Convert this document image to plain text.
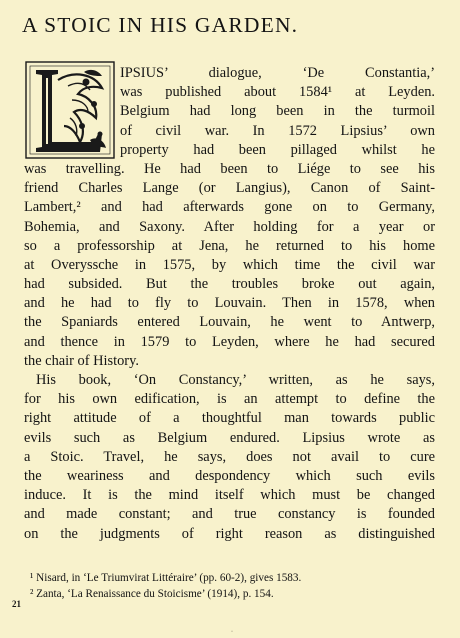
A STOIC IN HIS GARDEN.
IPSIUS’ dialogue, ‘De Constantia,’
was published about 1584¹ at Leyden.
Belgium had long been in the turmoil
of civil war. In 1572 Lipsius’ own
property had been pillaged whilst he
was travelling. He had been to Liége to see his
friend Charles Lange (or Langius), Canon of Saint-
Lambert,² and had afterwards gone on to Germany,
Bohemia, and Saxony. After holding for a year or
so a professorship at Jena, he returned to his home
at Overyssche in 1575, by which time the civil war
had subsided. But the troubles broke out again,
and he had to fly to Louvain. Then in 1578, when
the Spaniards entered Louvain, he went to Antwerp,
and thence in 1579 to Leyden, where he had secured
the chair of History.
His book, ‘On Constancy,’ written, as he says,
for his own edification, is an attempt to define the
right attitude of a thoughtful man towards public
evils such as Belgium endured. Lipsius wrote as
a Stoic. Travel, he says, does not avail to cure
the weariness and despondency which such evils
induce. It is the mind itself which must be changed
and made constant; and true constancy is founded
on the judgments of right reason as distinguished
¹ Nisard, in ‘Le Triumvirat Littéraire’ (pp. 60-2), gives 1583.
² Zanta, ‘La Renaissance du Stoicisme’ (1914), p. 154.
21
·
